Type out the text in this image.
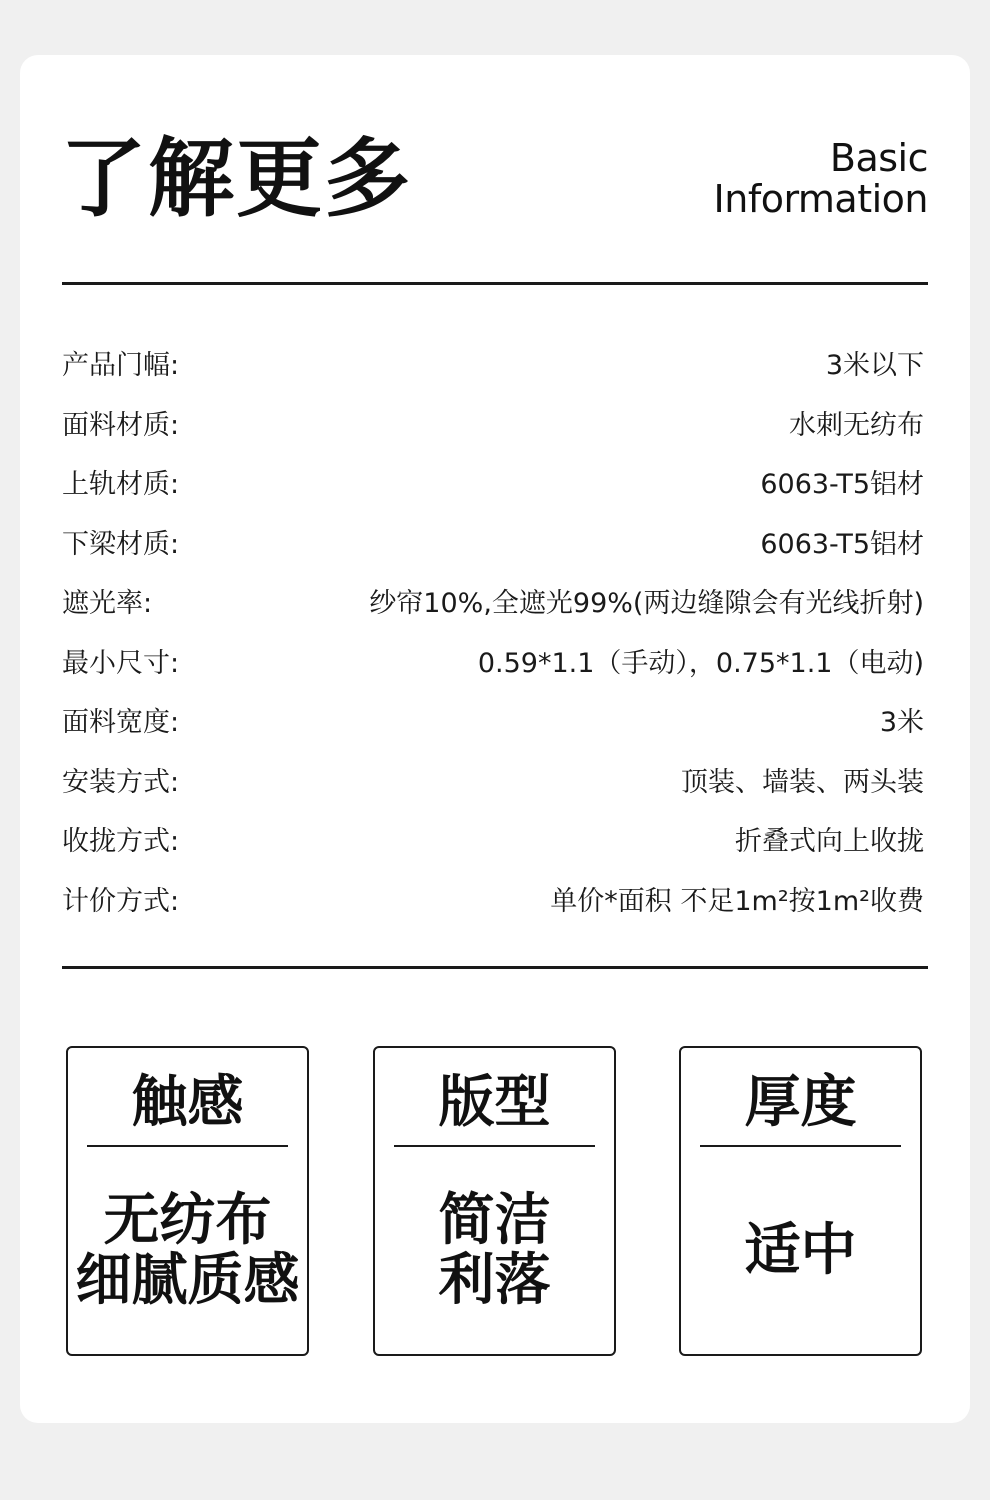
了解更多	Basic
Information
产品门幅:	3米以下
面料材质:	水刺无纺布
上轨材质:	6063-T5铝材
下梁材质:	6063-T5铝材
遮光率:	纱帘10%,全遮光99%(两边缝隙会有光线折射)
最小尺寸:	0.59*1.1（手动），0.75*1.1（电动)
面料宽度:	3米
安装方式:	顶装、墙装、两头装
收拢方式:	折叠式向上收拢
计价方式:	单价*面积 不足1m²按1m²收费
触感
无纺布
细腻质感
版型
简洁
利落
厚度
适中
